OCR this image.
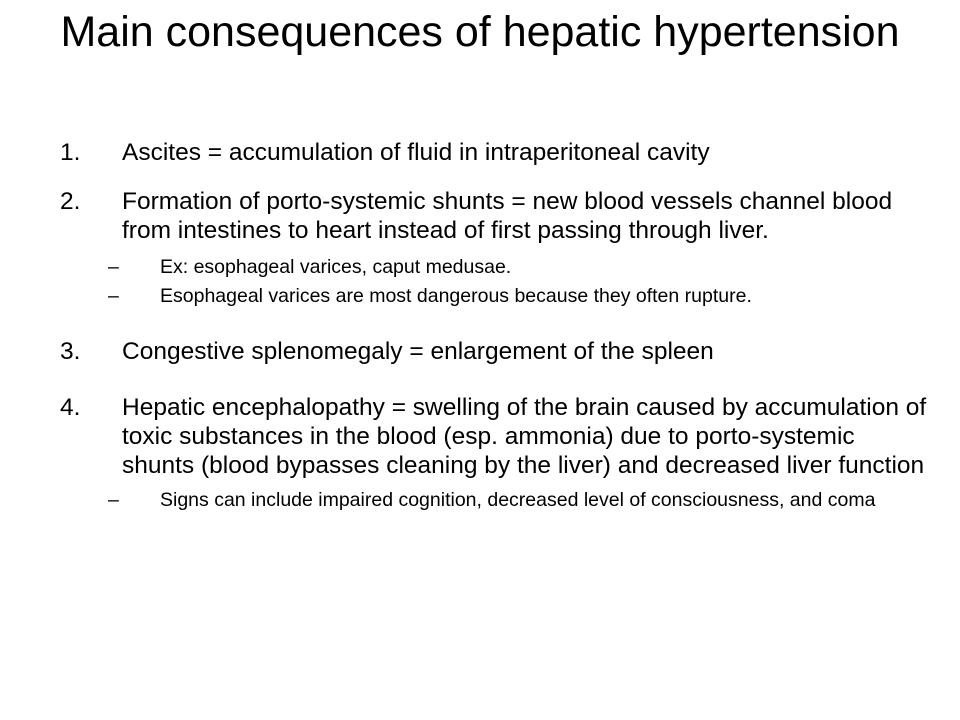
Main consequences of hepatic hypertension

1. Ascites = accumulation of fluid in intraperitoneal cavity

2. Formation of porto-systemic shunts = new blood vessels channel blood from intestines to heart instead of first passing through liver.

– Ex: esophageal varices, caput medusae.

– Esophageal varices are most dangerous because they often rupture.

3. Congestive splenomegaly = enlargement of the spleen

4. Hepatic encephalopathy = swelling of the brain caused by accumulation of toxic substances in the blood (esp. ammonia) due to porto-systemic shunts (blood bypasses cleaning by the liver) and decreased liver function

– Signs can include impaired cognition, decreased level of consciousness, and coma
